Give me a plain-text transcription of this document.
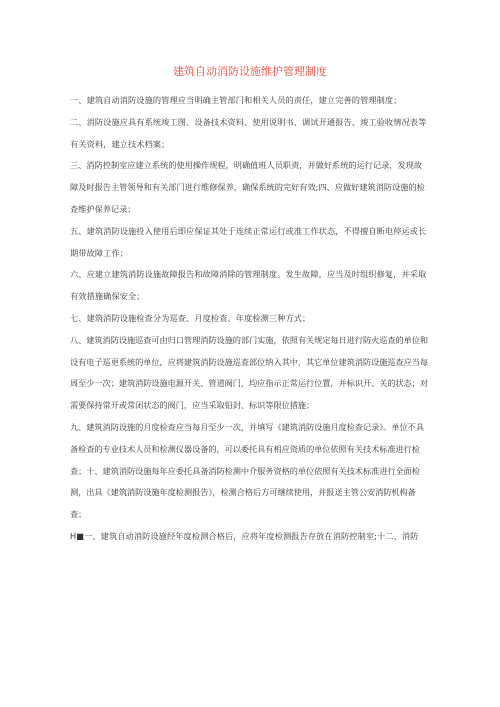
建筑自动消防设施维护管理制度

一、建筑自动消防设施的管理应当明确主管部门和相关人员的责任，建立完善的管理制度；

二、消防设施应具有系统竣工图、设备技术资料、使用说明书、调试开通报告、竣工验收情况表等有关资料，建立技术档案；

三、消防控制室应建立系统的使用操作规程，明确值班人员职责，并做好系统的运行记录，发现故障及时报告主管领导和有关部门进行维修保养，确保系统的完好有效;四、应做好建筑消防设施的检查维护保养记录；

五、建筑消防设施投入使用后即应保证其处于连续正常运行或准工作状态，不得擅自断电停运或长期带故障工作；

六、应建立建筑消防设施故障报告和故障消除的管理制度。发生故障，应当及时组织修复，并采取有效措施确保安全；

七、建筑消防设施检查分为巡查、月度检查、年度检测三种方式；

八、建筑消防设施巡查可由归口管理消防设施的部门实施，依照有关规定每日进行防火巡查的单位和设有电子巡更系统的单位，应将建筑消防设施巡查部位纳入其中，其它单位建筑消防设施巡查应当每周至少一次；建筑消防设施电源开关、管道阀门，均应指示正常运行位置，并标识开、关的状态；对需要保持常开或常闭状态的阀门，应当采取铅封、标识等限位措施；

九、建筑消防设施的月度检查应当每月至少一次，并填写《建筑消防设施月度检查记录》。单位不具备检查的专业技术人员和检测仪器设备的，可以委托具有相应资质的单位依照有关技术标准进行检查；十、建筑消防设施每年应委托具备消防检测中介服务资格的单位依照有关技术标准进行全面检测，出具《建筑消防设施年度检测报告》，检测合格后方可继续使用，并报送主管公安消防机构备查；

H■一、建筑自动消防设施经年度检测合格后，应将年度检测报告存放在消防控制室;十二、消防
